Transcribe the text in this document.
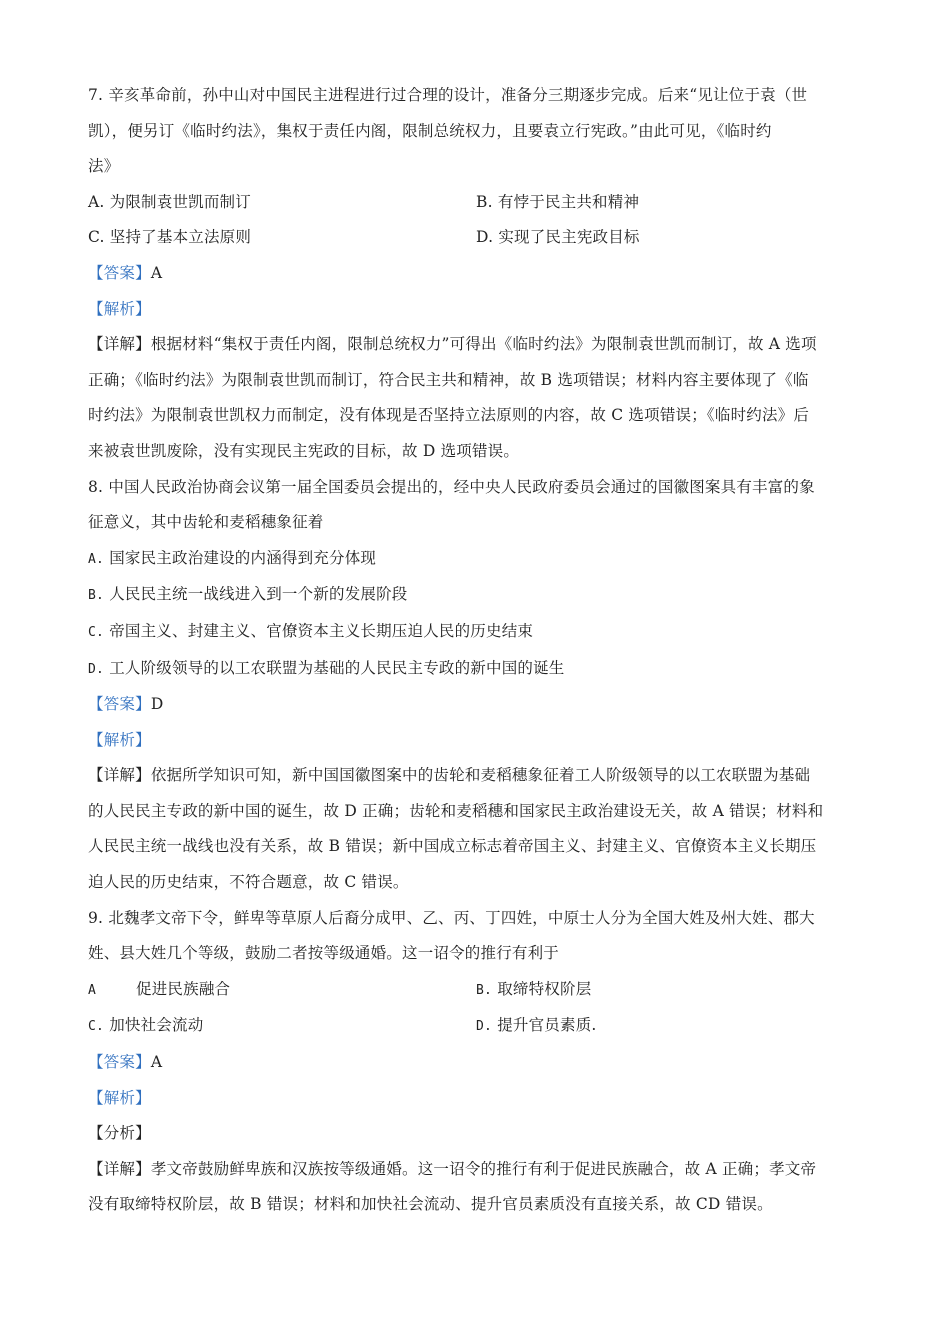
7. 辛亥革命前，孙中山对中国民主进程进行过合理的设计，准备分三期逐步完成。后来“见让位于袁（世
凯），便另订《临时约法》，集权于责任内阁，限制总统权力，且要袁立行宪政。”由此可见，《临时约
法》
A. 为限制袁世凯而制订	B. 有悖于民主共和精神
C. 坚持了基本立法原则	D. 实现了民主宪政目标
【答案】A
【解析】
【详解】根据材料“集权于责任内阁，限制总统权力”可得出《临时约法》为限制袁世凯而制订，故 A 选项
正确；《临时约法》为限制袁世凯而制订，符合民主共和精神，故 B 选项错误；材料内容主要体现了《临
时约法》为限制袁世凯权力而制定，没有体现是否坚持立法原则的内容，故 C 选项错误；《临时约法》后
来被袁世凯废除，没有实现民主宪政的目标，故 D 选项错误。
8. 中国人民政治协商会议第一届全国委员会提出的，经中央人民政府委员会通过的国徽图案具有丰富的象
征意义，其中齿轮和麦稻穗象征着
A. 国家民主政治建设的内涵得到充分体现
B. 人民民主统一战线进入到一个新的发展阶段
C. 帝国主义、封建主义、官僚资本主义长期压迫人民的历史结束
D. 工人阶级领导的以工农联盟为基础的人民民主专政的新中国的诞生
【答案】D
【解析】
【详解】依据所学知识可知，新中国国徽图案中的齿轮和麦稻穗象征着工人阶级领导的以工农联盟为基础
的人民民主专政的新中国的诞生，故 D 正确；齿轮和麦稻穗和国家民主政治建设无关，故 A 错误；材料和
人民民主统一战线也没有关系，故 B 错误；新中国成立标志着帝国主义、封建主义、官僚资本主义长期压
迫人民的历史结束，不符合题意，故 C 错误。
9. 北魏孝文帝下令，鲜卑等草原人后裔分成甲、乙、丙、丁四姓，中原士人分为全国大姓及州大姓、郡大
姓、县大姓几个等级，鼓励二者按等级通婚。这一诏令的推行有利于
A	促进民族融合	B. 取缔特权阶层
C. 加快社会流动	D. 提升官员素质.
【答案】A
【解析】
【分析】
【详解】孝文帝鼓励鲜卑族和汉族按等级通婚。这一诏令的推行有利于促进民族融合，故 A 正确；孝文帝
没有取缔特权阶层，故 B 错误；材料和加快社会流动、提升官员素质没有直接关系，故 CD 错误。
